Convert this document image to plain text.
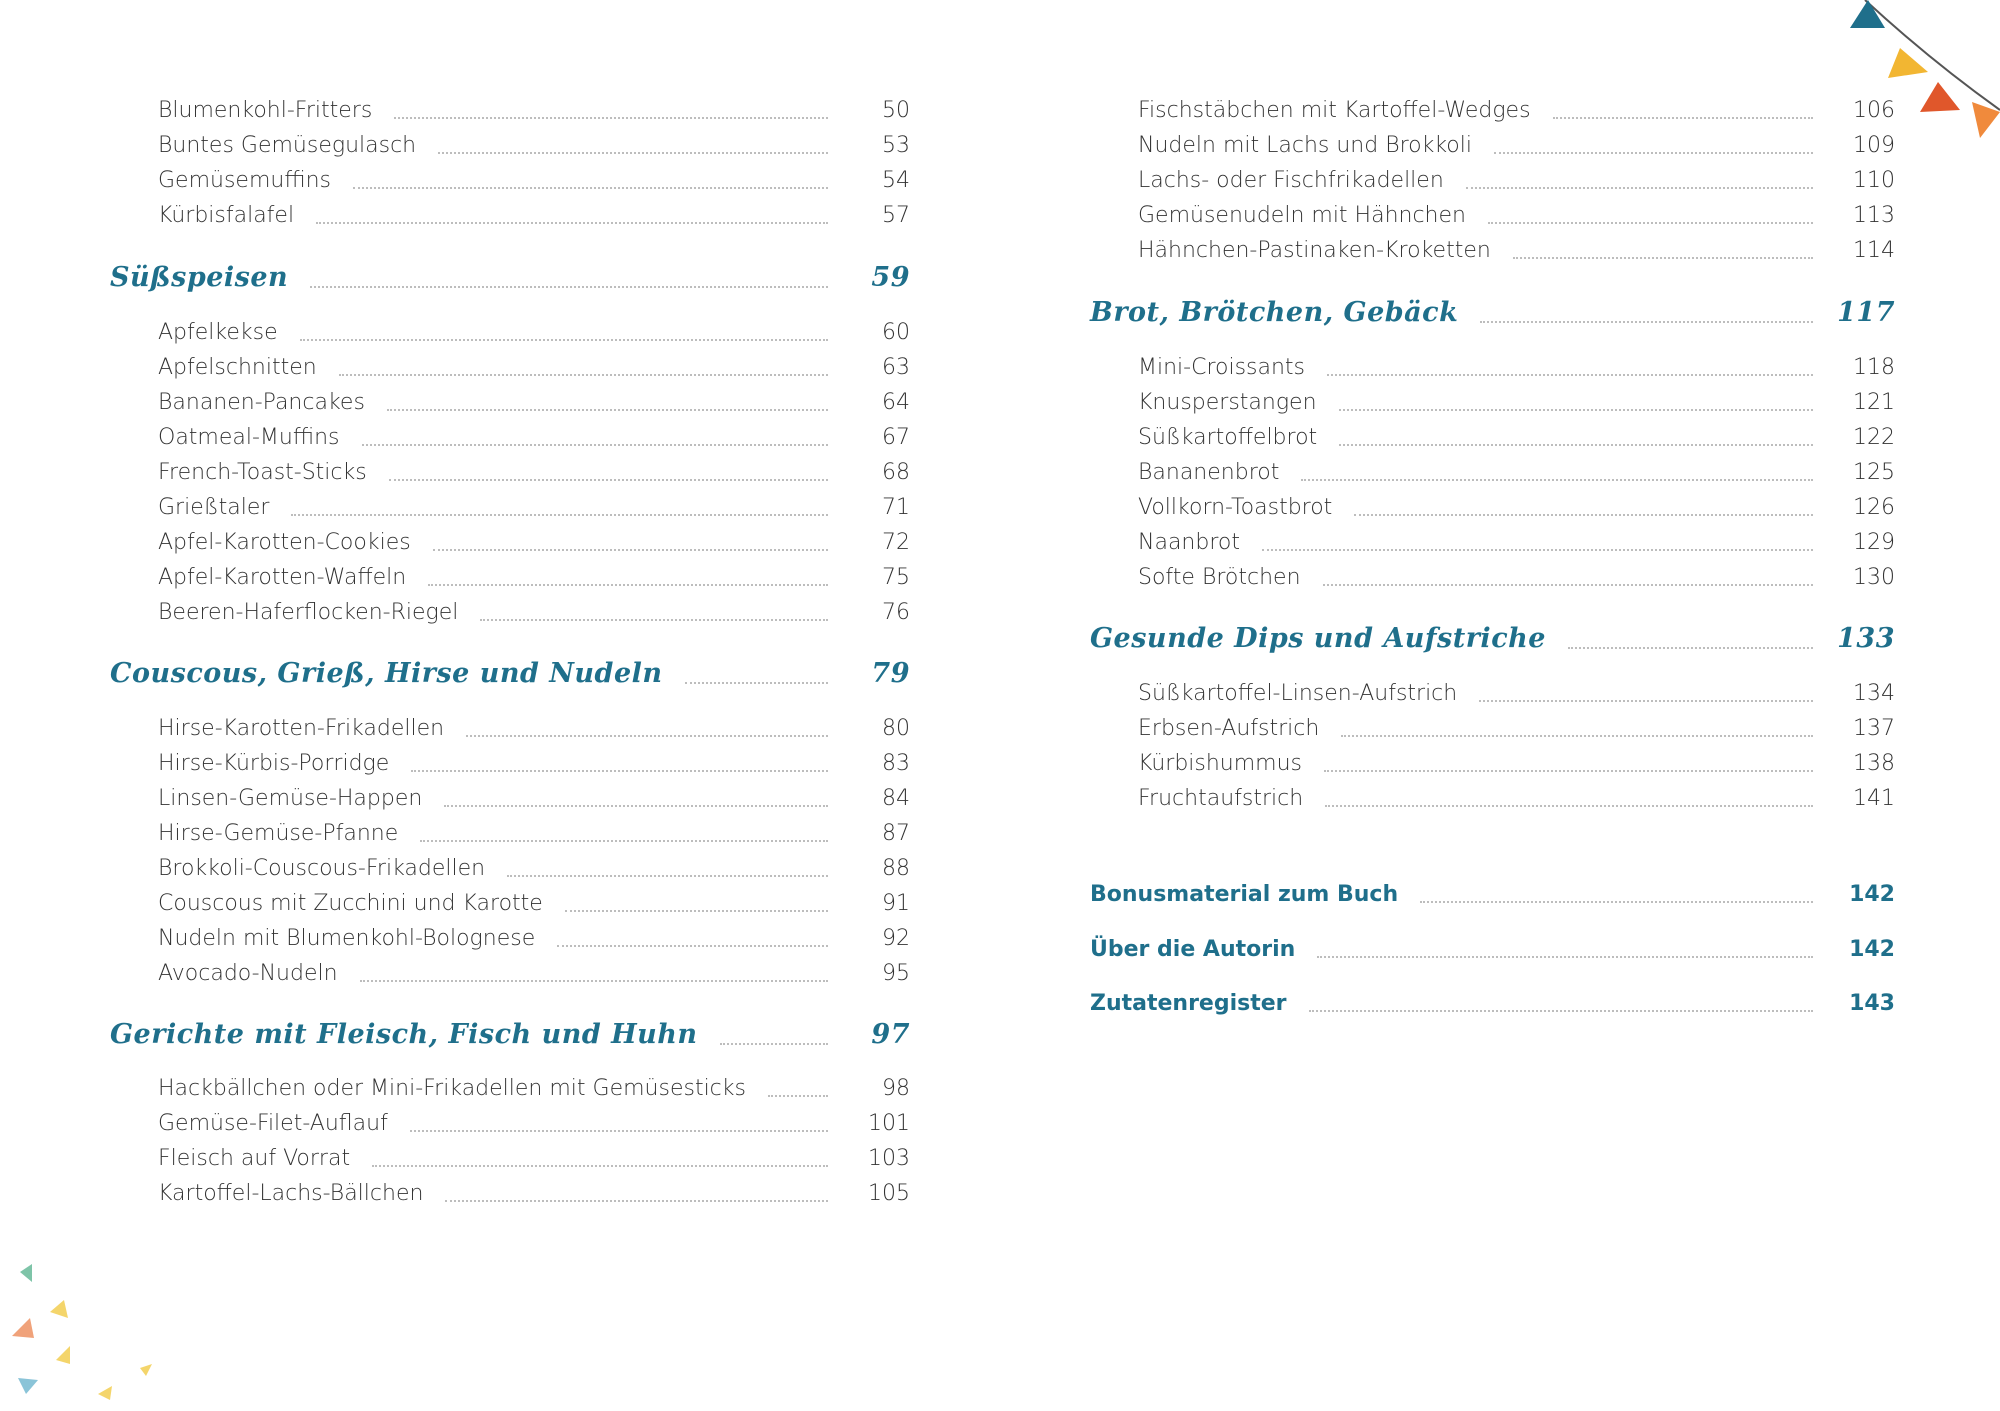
Blumenkohl-Fritters	50
Buntes Gemüsegulasch	53
Gemüsemuffins	54
Kürbisfalafel	57
Süßspeisen	59
Apfelkekse	60
Apfelschnitten	63
Bananen-Pancakes	64
Oatmeal-Muffins	67
French-Toast-Sticks	68
Grießtaler	71
Apfel-Karotten-Cookies	72
Apfel-Karotten-Waffeln	75
Beeren-Haferflocken-Riegel	76
Couscous, Grieß, Hirse und Nudeln	79
Hirse-Karotten-Frikadellen	80
Hirse-Kürbis-Porridge	83
Linsen-Gemüse-Happen	84
Hirse-Gemüse-Pfanne	87
Brokkoli-Couscous-Frikadellen	88
Couscous mit Zucchini und Karotte	91
Nudeln mit Blumenkohl-Bolognese	92
Avocado-Nudeln	95
Gerichte mit Fleisch, Fisch und Huhn	97
Hackbällchen oder Mini-Frikadellen mit Gemüsesticks	98
Gemüse-Filet-Auflauf	101
Fleisch auf Vorrat	103
Kartoffel-Lachs-Bällchen	105
Fischstäbchen mit Kartoffel-Wedges	106
Nudeln mit Lachs und Brokkoli	109
Lachs- oder Fischfrikadellen	110
Gemüsenudeln mit Hähnchen	113
Hähnchen-Pastinaken-Kroketten	114
Brot, Brötchen, Gebäck	117
Mini-Croissants	118
Knusperstangen	121
Süßkartoffelbrot	122
Bananenbrot	125
Vollkorn-Toastbrot	126
Naanbrot	129
Softe Brötchen	130
Gesunde Dips und Aufstriche	133
Süßkartoffel-Linsen-Aufstrich	134
Erbsen-Aufstrich	137
Kürbishummus	138
Fruchtaufstrich	141
Bonusmaterial zum Buch	142
Über die Autorin	142
Zutatenregister	143
